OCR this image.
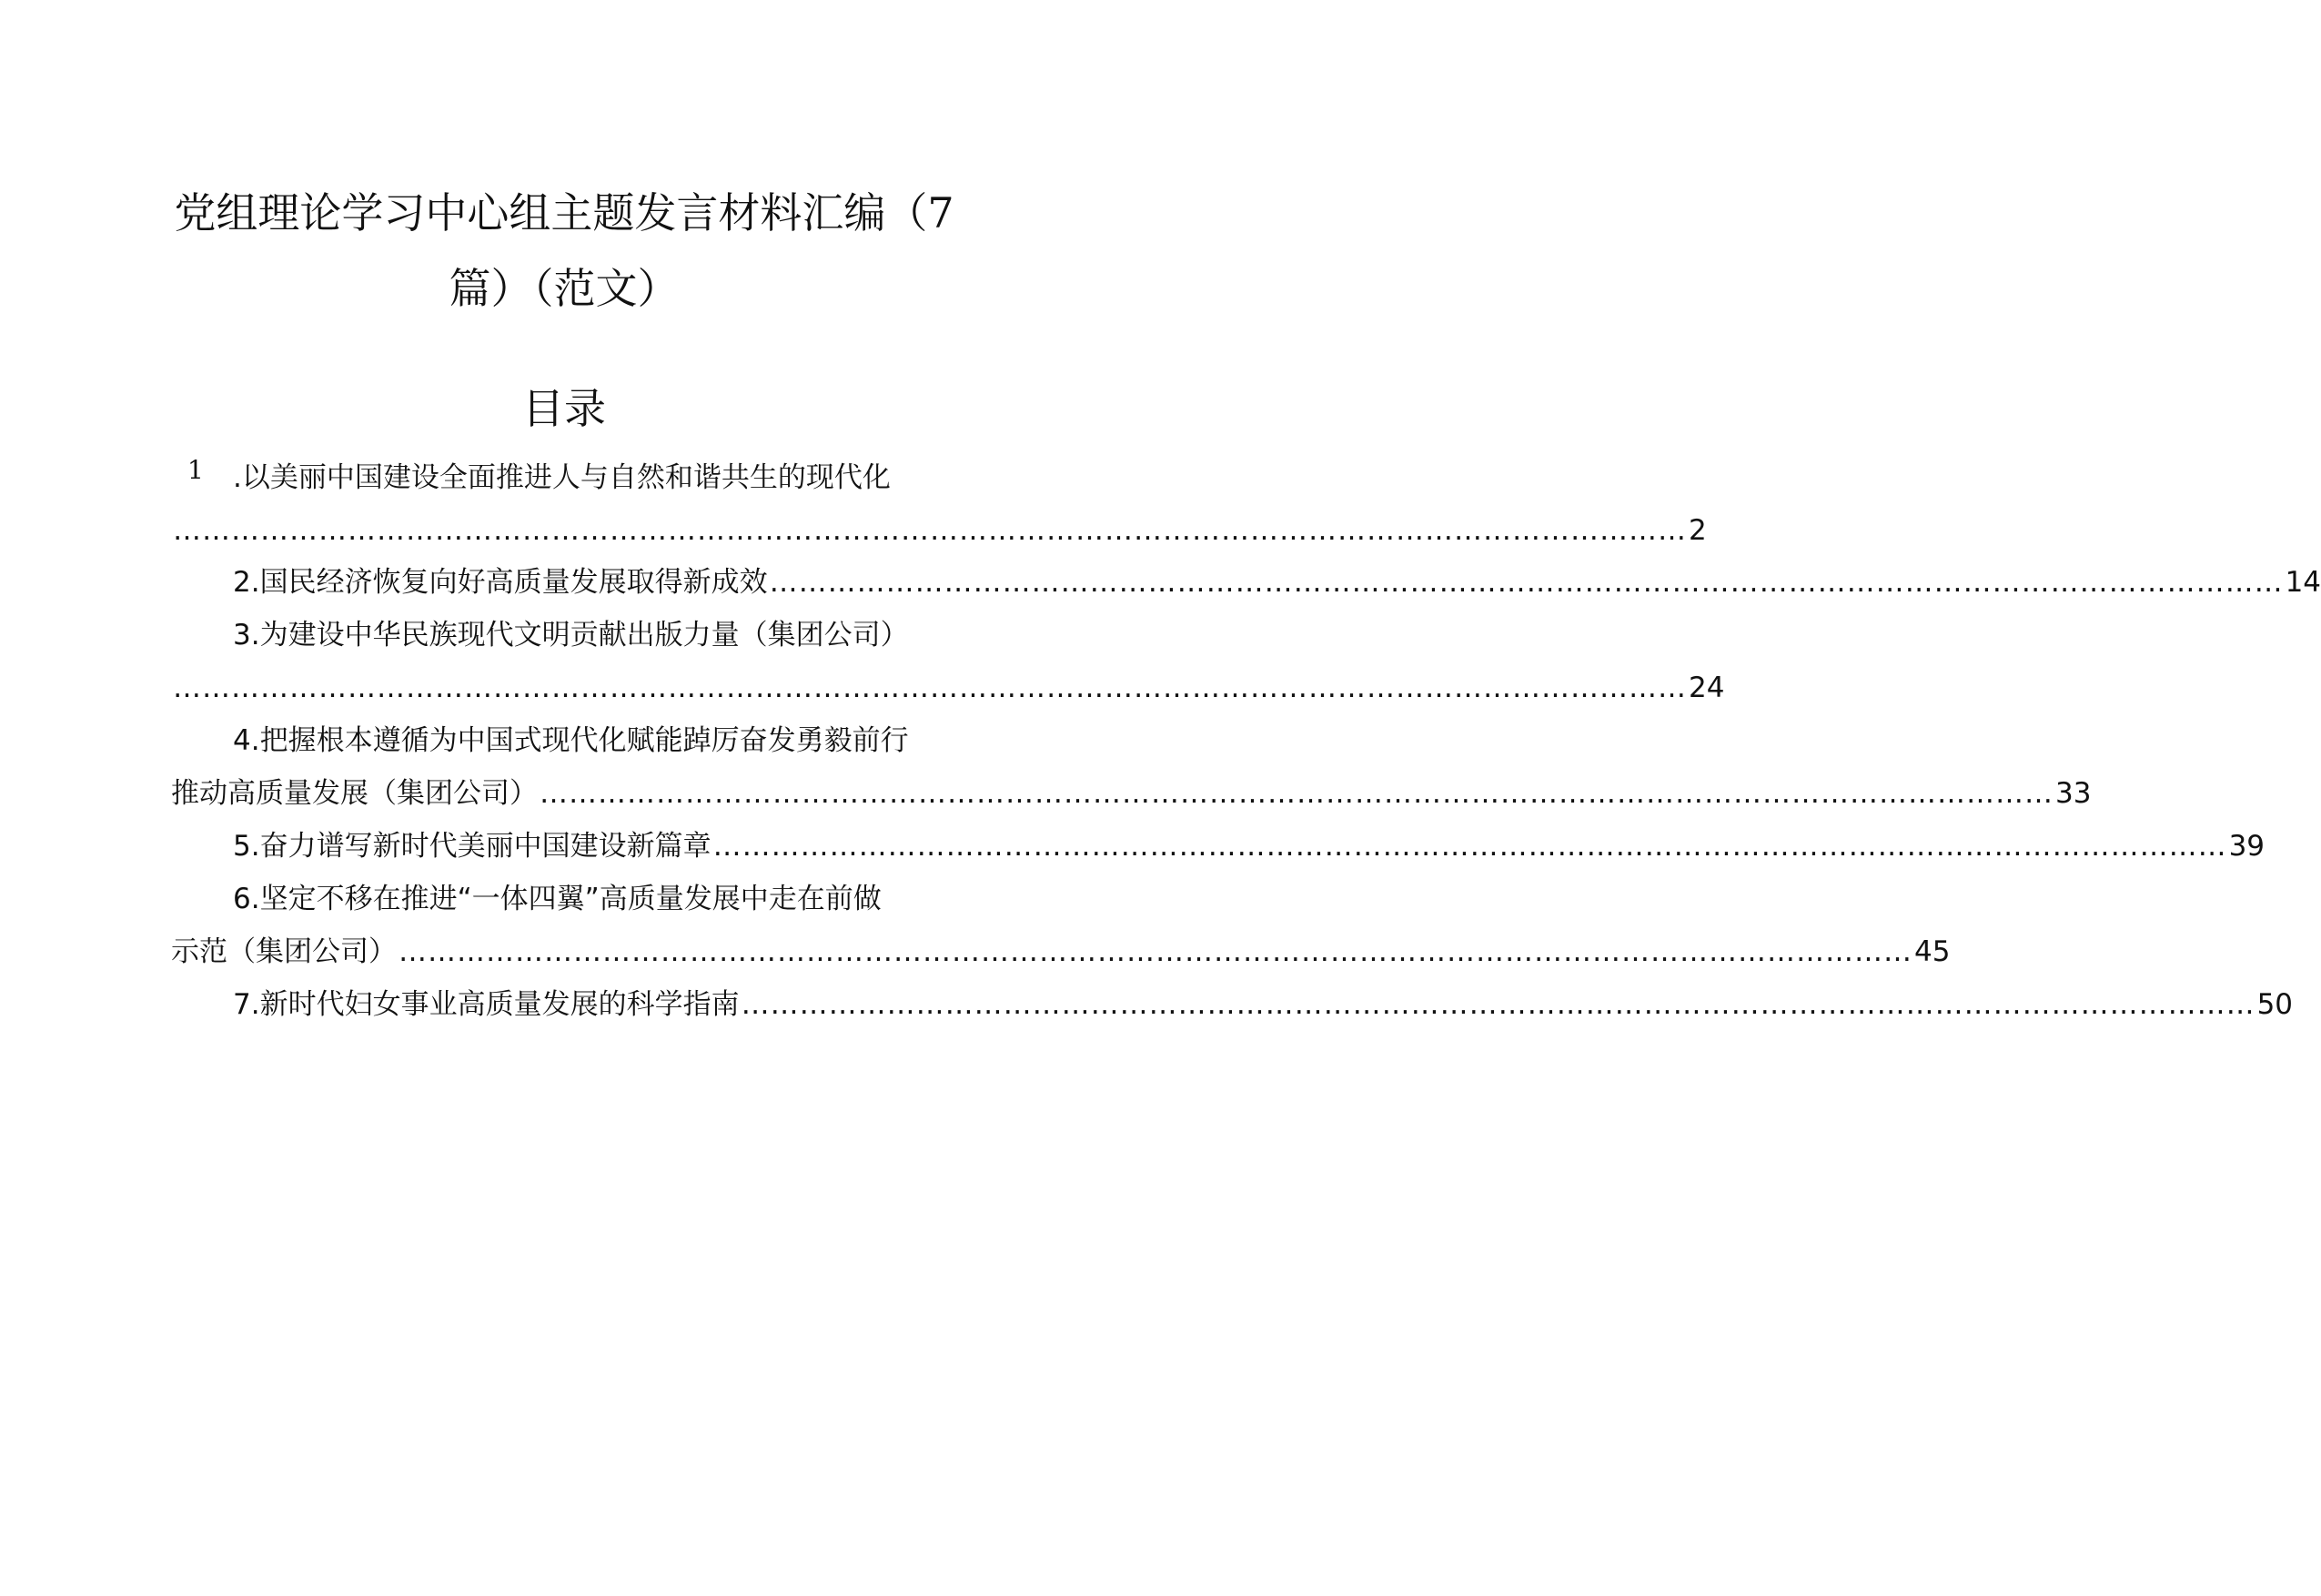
党组理论学习中心组主题发言材料汇编（7
篇）（范文）
目录
1 .以美丽中国建设全面推进人与自然和谐共生的现代化
………………………………………………………………………………………………………………………………………… 2
2.国民经济恢复向好高质量发展取得新成效 ………………………………………………………………………………………………………………………………………… 14
3.为建设中华民族现代文明贡献出版力量（集团公司）
………………………………………………………………………………………………………………………………………… 24
4.把握根本遵循为中国式现代化赋能踔厉奋发勇毅前行
推动高质量发展（集团公司） ………………………………………………………………………………………………………………………………………… 33
5.奋力谱写新时代美丽中国建设新篇章 ………………………………………………………………………………………………………………………………………… 39
6.坚定不移在推进“一体四翼”高质量发展中走在前做
示范（集团公司） ………………………………………………………………………………………………………………………………………… 45
7.新时代妇女事业高质量发展的科学指南 ………………………………………………………………………………………………………………………………………… 50
